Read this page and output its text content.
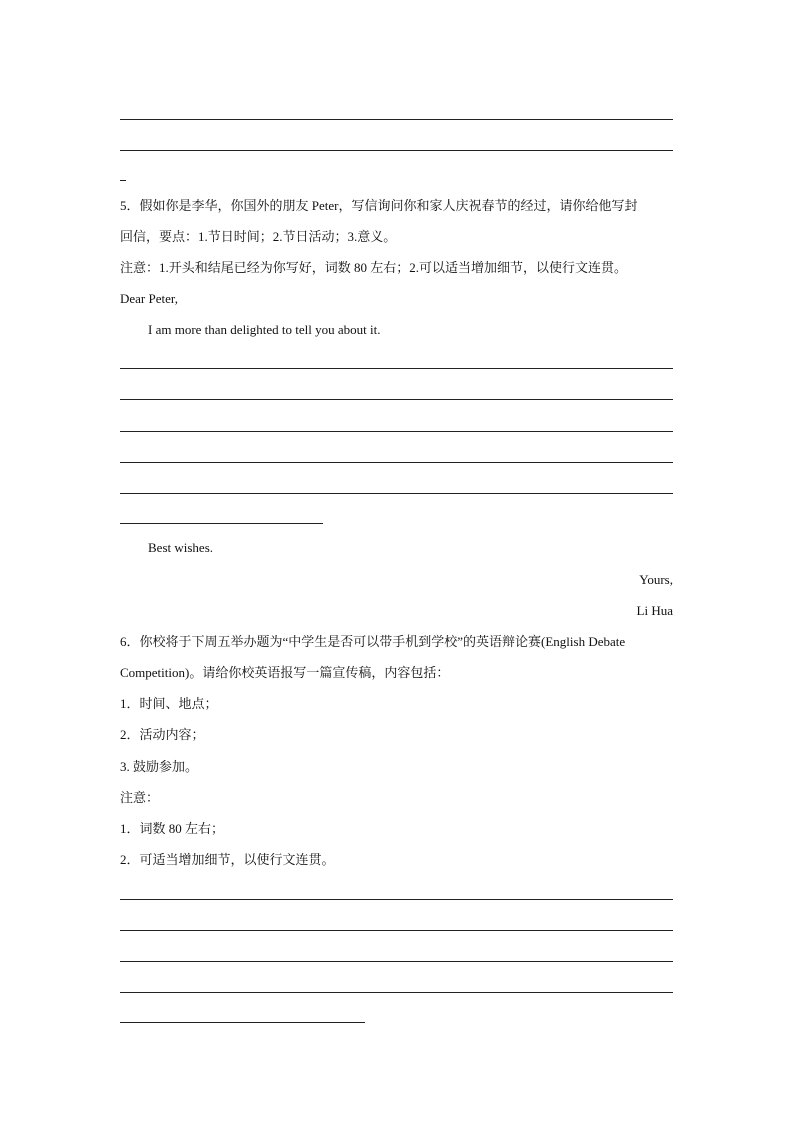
5．假如你是李华，你国外的朋友 Peter，写信询问你和家人庆祝春节的经过，请你给他写封
回信，要点：1.节日时间；2.节日活动；3.意义。
注意：1.开头和结尾已经为你写好，词数 80 左右；2.可以适当增加细节，以使行文连贯。
Dear Peter,
I am more than delighted to tell you about it.
Best wishes.
Yours,
Li Hua
6．你校将于下周五举办题为“中学生是否可以带手机到学校”的英语辩论赛(English Debate
Competition)。请给你校英语报写一篇宣传稿，内容包括：
1．时间、地点；
2．活动内容；
3. 鼓励参加。
注意：
1．词数 80 左右；
2．可适当增加细节，以使行文连贯。
